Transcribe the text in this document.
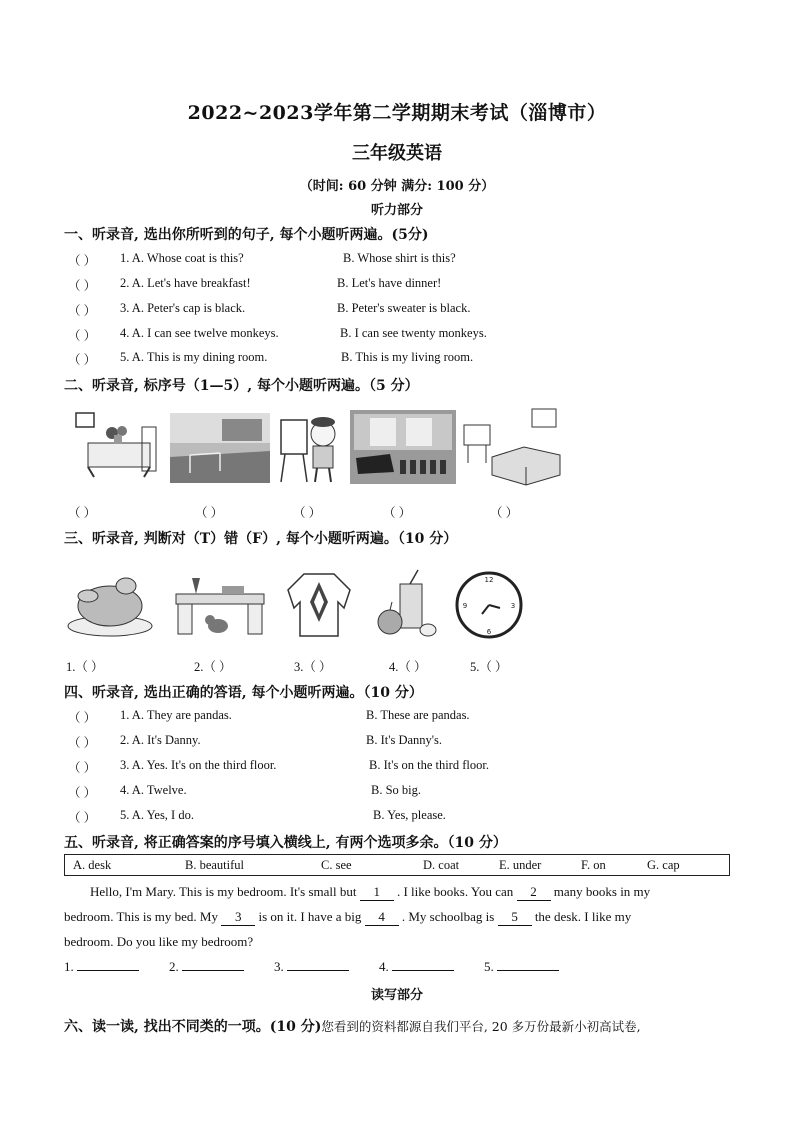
2022~2023学年第二学期期末考试（淄博市）
三年级英语
（时间: 60 分钟 满分: 100 分）
听力部分
一、听录音, 选出你所听到的句子, 每个小题听两遍。(5分)
（ ） 1. A. Whose coat is this?	B. Whose shirt is this?
（ ） 2. A. Let's have breakfast!	B. Let's have dinner!
（ ） 3. A. Peter's cap is black.	B. Peter's sweater is black.
（ ） 4. A. I can see twelve monkeys.	B. I can see twenty monkeys.
（ ） 5. A. This is my dining room.	B. This is my living room.
二、听录音, 标序号（1—5）, 每个小题听两遍。（5 分）
（ ）	（ ）	（ ）	（ ）	（ ）
三、听录音, 判断对（T）错（F）, 每个小题听两遍。（10 分）
12
3
6
9
1.（ ）	2.（ ）	3.（ ）	4.（ ）	5.（ ）
四、听录音, 选出正确的答语, 每个小题听两遍。（10 分）
（ ） 1. A. They are pandas.	B. These are pandas.
（ ） 2. A. It's Danny.	B. It's Danny's.
（ ） 3. A. Yes. It's on the third floor.	B. It's on the third floor.
（ ） 4. A. Twelve.	B. So big.
（ ） 5. A. Yes, I do.	B. Yes, please.
五、听录音, 将正确答案的序号填入横线上, 有两个选项多余。（10 分）
A. desk	B. beautiful	C. see	D. coat	E. under	F. on	G. cap
Hello, I'm Mary. This is my bedroom. It's small but 1 . I like books. You can 2 many books in my
bedroom. This is my bed. My 3 is on it. I have a big 4 . My schoolbag is 5 the desk. I like my
bedroom. Do you like my bedroom?
1.	2.	3.	4.	5.
读写部分
六、读一读, 找出不同类的一项。(10 分)您看到的资料都源自我们平台, 20 多万份最新小初高试卷,
